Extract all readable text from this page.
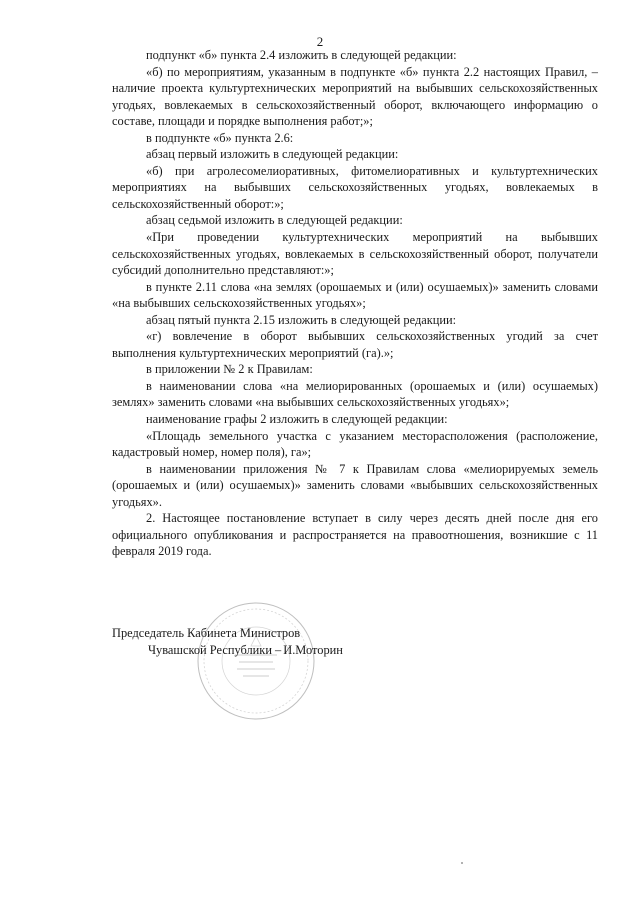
2

подпункт «б» пункта 2.4 изложить в следующей редакции:

«б) по мероприятиям, указанным в подпункте «б» пункта 2.2 настоящих Правил, – наличие проекта культуртехнических мероприятий на выбывших сельскохозяйственных угодьях, вовлекаемых в сельскохозяйственный оборот, включающего информацию о составе, площади и порядке выполнения работ;»;

в подпункте «б» пункта 2.6:

абзац первый изложить в следующей редакции:

«б) при агролесомелиоративных, фитомелиоративных и культуртехнических мероприятиях на выбывших сельскохозяйственных угодьях, вовлекаемых в сельскохозяйственный оборот:»;

абзац седьмой изложить в следующей редакции:

«При проведении культуртехнических мероприятий на выбывших сельскохозяйственных угодьях, вовлекаемых в сельскохозяйственный оборот, получатели субсидий дополнительно представляют:»;

в пункте 2.11 слова «на землях (орошаемых и (или) осушаемых)» заменить словами «на выбывших сельскохозяйственных угодьях»;

абзац пятый пункта 2.15 изложить в следующей редакции:

«г) вовлечение в оборот выбывших сельскохозяйственных угодий за счет выполнения культуртехнических мероприятий (га).»;

в приложении № 2 к Правилам:

в наименовании слова «на мелиорированных (орошаемых и (или) осушаемых) землях» заменить словами «на выбывших сельскохозяйственных угодьях»;

наименование графы 2 изложить в следующей редакции:

«Площадь земельного участка с указанием месторасположения (расположение, кадастровый номер, номер поля), га»;

в наименовании приложения № 7 к Правилам слова «мелиорируемых земель (орошаемых и (или) осушаемых)» заменить словами «выбывших сельскохозяйственных угодьях».

2. Настоящее постановление вступает в силу через десять дней после дня его официального опубликования и распространяется на правоотношения, возникшие с 11 февраля 2019 года.

Председатель Кабинета Министров
Чувашской Республики – И.Моторин
